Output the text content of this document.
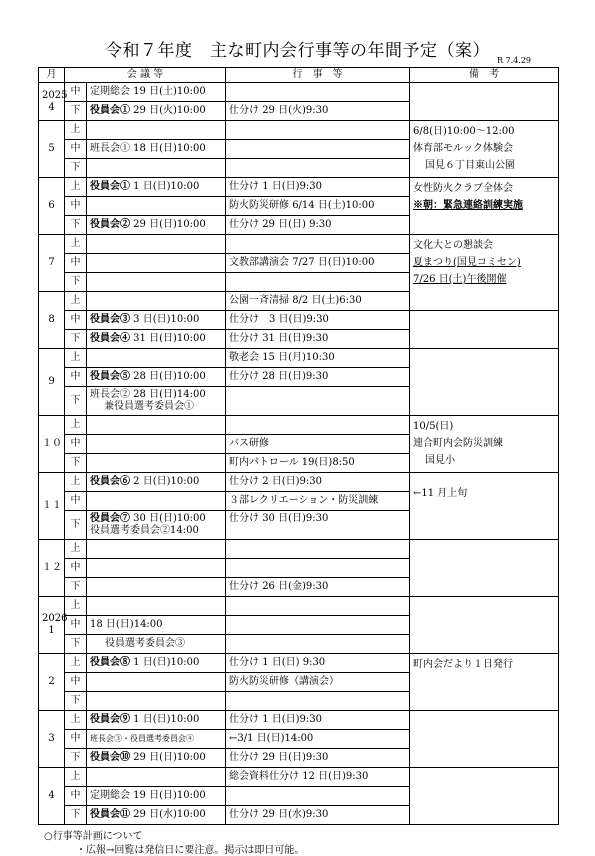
令和７年度　主な町内会行事等の年間予定（案） R 7.4.29
月	会 議 等		行　事　等	備　考
2025
4	中	定期総会 19 日(土)10:00		
	下	役員会① 29 日(火)10:00	仕分け 29 日(火)9:30	
5	上			6/8(日)10:00～12:00
体育部モルック体験会
国見６丁目東山公園

	中	班長会① 18 日(日)10:00		
	下			
6	上	役員会① 1 日(日)10:00	仕分け 1 日(日)9:30	女性防火クラブ全体会
※朝：緊急連絡訓練実施

	中		防火防災研修 6/14 日(土)10:00	
	下	役員会② 29 日(日)10:00	仕分け 29 日(日) 9:30	
7	上			文化大との懇談会
夏まつり(国見コミセン)
7/26 日(土)午後開催

	中		文教部講演会 7/27 日(日)10:00	
	下			
8	上		公園一斉清掃 8/2 日(土)6:30	
	中	役員会③ 3 日(日)10:00	仕分け　3 日(日)9:30	
	下	役員会④ 31 日(日)10:00	仕分け 31 日(日)9:30	
9	上		敬老会 15 日(月)10:30	
	中	役員会⑤ 28 日(日)10:00	仕分け 28 日(日)9:30	
	下	班長会② 28 日(日)14:00
兼役員選考委員会①		
１０	上			10/5(日)
連合町内会防災訓練
国見小

	中		バス研修	
	下		町内パトロール 19(日)8:50	
１１	上	役員会⑥ 2 日(日)10:00	仕分け 2 日(日)9:30	←11 月上旬

	中		３部レクリエーション・防災訓練	
	下	役員会⑦ 30 日(日)10:00
役員選考委員会②14:00	仕分け 30 日(日)9:30	
１２	上			
	中			
	下		仕分け 26 日(金)9:30	
2026
1	上			
	中	18 日(日)14:00		
	下	役員選考委員会③		
2	上	役員会⑧ 1 日(日)10:00	仕分け 1 日(日) 9:30	町内会だより１日発行

	中		防火防災研修（講演会）	
	下			
3	上	役員会⑨ 1 日(日)10:00	仕分け 1 日(日)9:30	
	中	班長会③・役員選考委員会④	←3/1 日(日)14:00	
	下	役員会⑩ 29 日(日)10:00	仕分け 29 日(日)9:30	
4	上		総会資料仕分け 12 日(日)9:30	
	中	定期総会 19 日(日)10:00		
	下	役員会⑪ 29 日(水)10:00	仕分け 29 日(水)9:30	
○行事等計画について
・広報→回覧は発信日に要注意。掲示は即日可能。
